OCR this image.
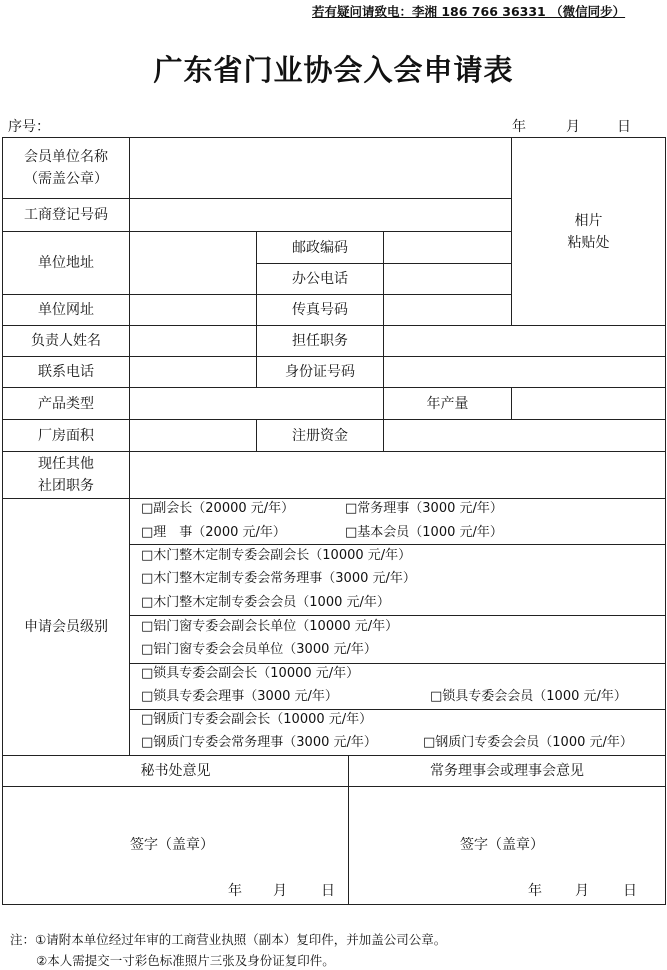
若有疑问请致电：李湘 186 766 36331 （微信同步）
广东省门业协会入会申请表
序号：	年	月	日
会员单位名称
（需盖公章）
相片
粘贴处
工商登记号码
单位地址
邮政编码
办公电话
单位网址	传真号码
负责人姓名	担任职务
联系电话	身份证号码
产品类型	年产量
厂房面积	注册资金
现任其他
社团职务
申请会员级别
□副会长（20000 元/年）	□常务理事（3000 元/年）
□理　事（2000 元/年）	□基本会员（1000 元/年）
□木门整木定制专委会副会长（10000 元/年）
□木门整木定制专委会常务理事（3000 元/年）
□木门整木定制专委会会员（1000 元/年）
□铝门窗专委会副会长单位（10000 元/年）
□铝门窗专委会会员单位（3000 元/年）
□锁具专委会副会长（10000 元/年）
□锁具专委会理事（3000 元/年）	□锁具专委会会员（1000 元/年）
□钢质门专委会副会长（10000 元/年）
□钢质门专委会常务理事（3000 元/年）	□钢质门专委会会员（1000 元/年）
秘书处意见	常务理事会或理事会意见
签字（盖章）	签字（盖章）
年 月 日	年 月 日
注：①请附本单位经过年审的工商营业执照（副本）复印件，并加盖公司公章。
②本人需提交一寸彩色标准照片三张及身份证复印件。
